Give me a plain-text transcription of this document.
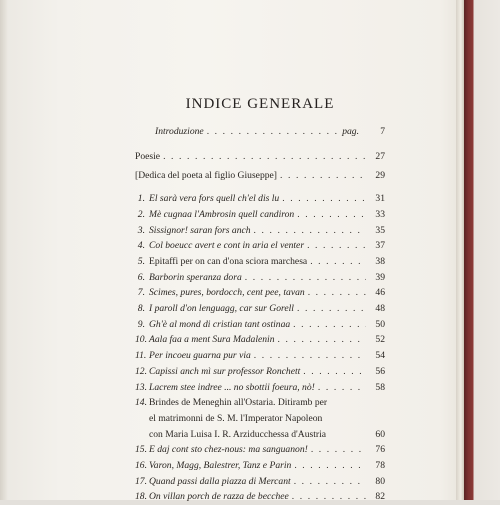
INDICE GENERALE
Introduzione . . .	pag.	7
Poesie . . .	27
[Dedica del poeta al figlio Giuseppe] . . .	29
1. El sarà vera fors quell ch'el dis lu . . .	31
2. Mè cugnaa l'Ambrosin quell candiron . . .	33
3. Sissignor! saran fors anch . . .	35
4. Col boeucc avert e cont in aria el venter . . .	37
5. Epitaffi per on can d'ona sciora marchesa . . .	38
6. Barborin speranza dora . . .	39
7. Scimes, pures, bordocch, cent pee, tavan . . .	46
8. I paroll d'on lenguagg, car sur Gorell . . .	48
9. Gh'è al mond di cristian tant ostinaa . . .	50
10. Aala faa a ment Sura Madalenin . . .	52
11. Per incoeu guarna pur via . . .	54
12. Capissi anch mì sur professor Ronchett . . .	56
13. Lacrem stee indree ... no sbottii foeura, nò! . . .	58
14. Brindes de Meneghin all'Ostaria. Ditiramb per
el matrimonni de S. M. l'Imperator Napoleon
con Maria Luisa I. R. Arziducchessa d'Austria	60
15. E daj cont sto chez-nous: ma sanguanon! . . .	76
16. Varon, Magg, Balestrer, Tanz e Parin . . .	78
17. Quand passi dalla piazza di Mercant . . .	80
18. On villan porch de razza de becchee . . .	82
